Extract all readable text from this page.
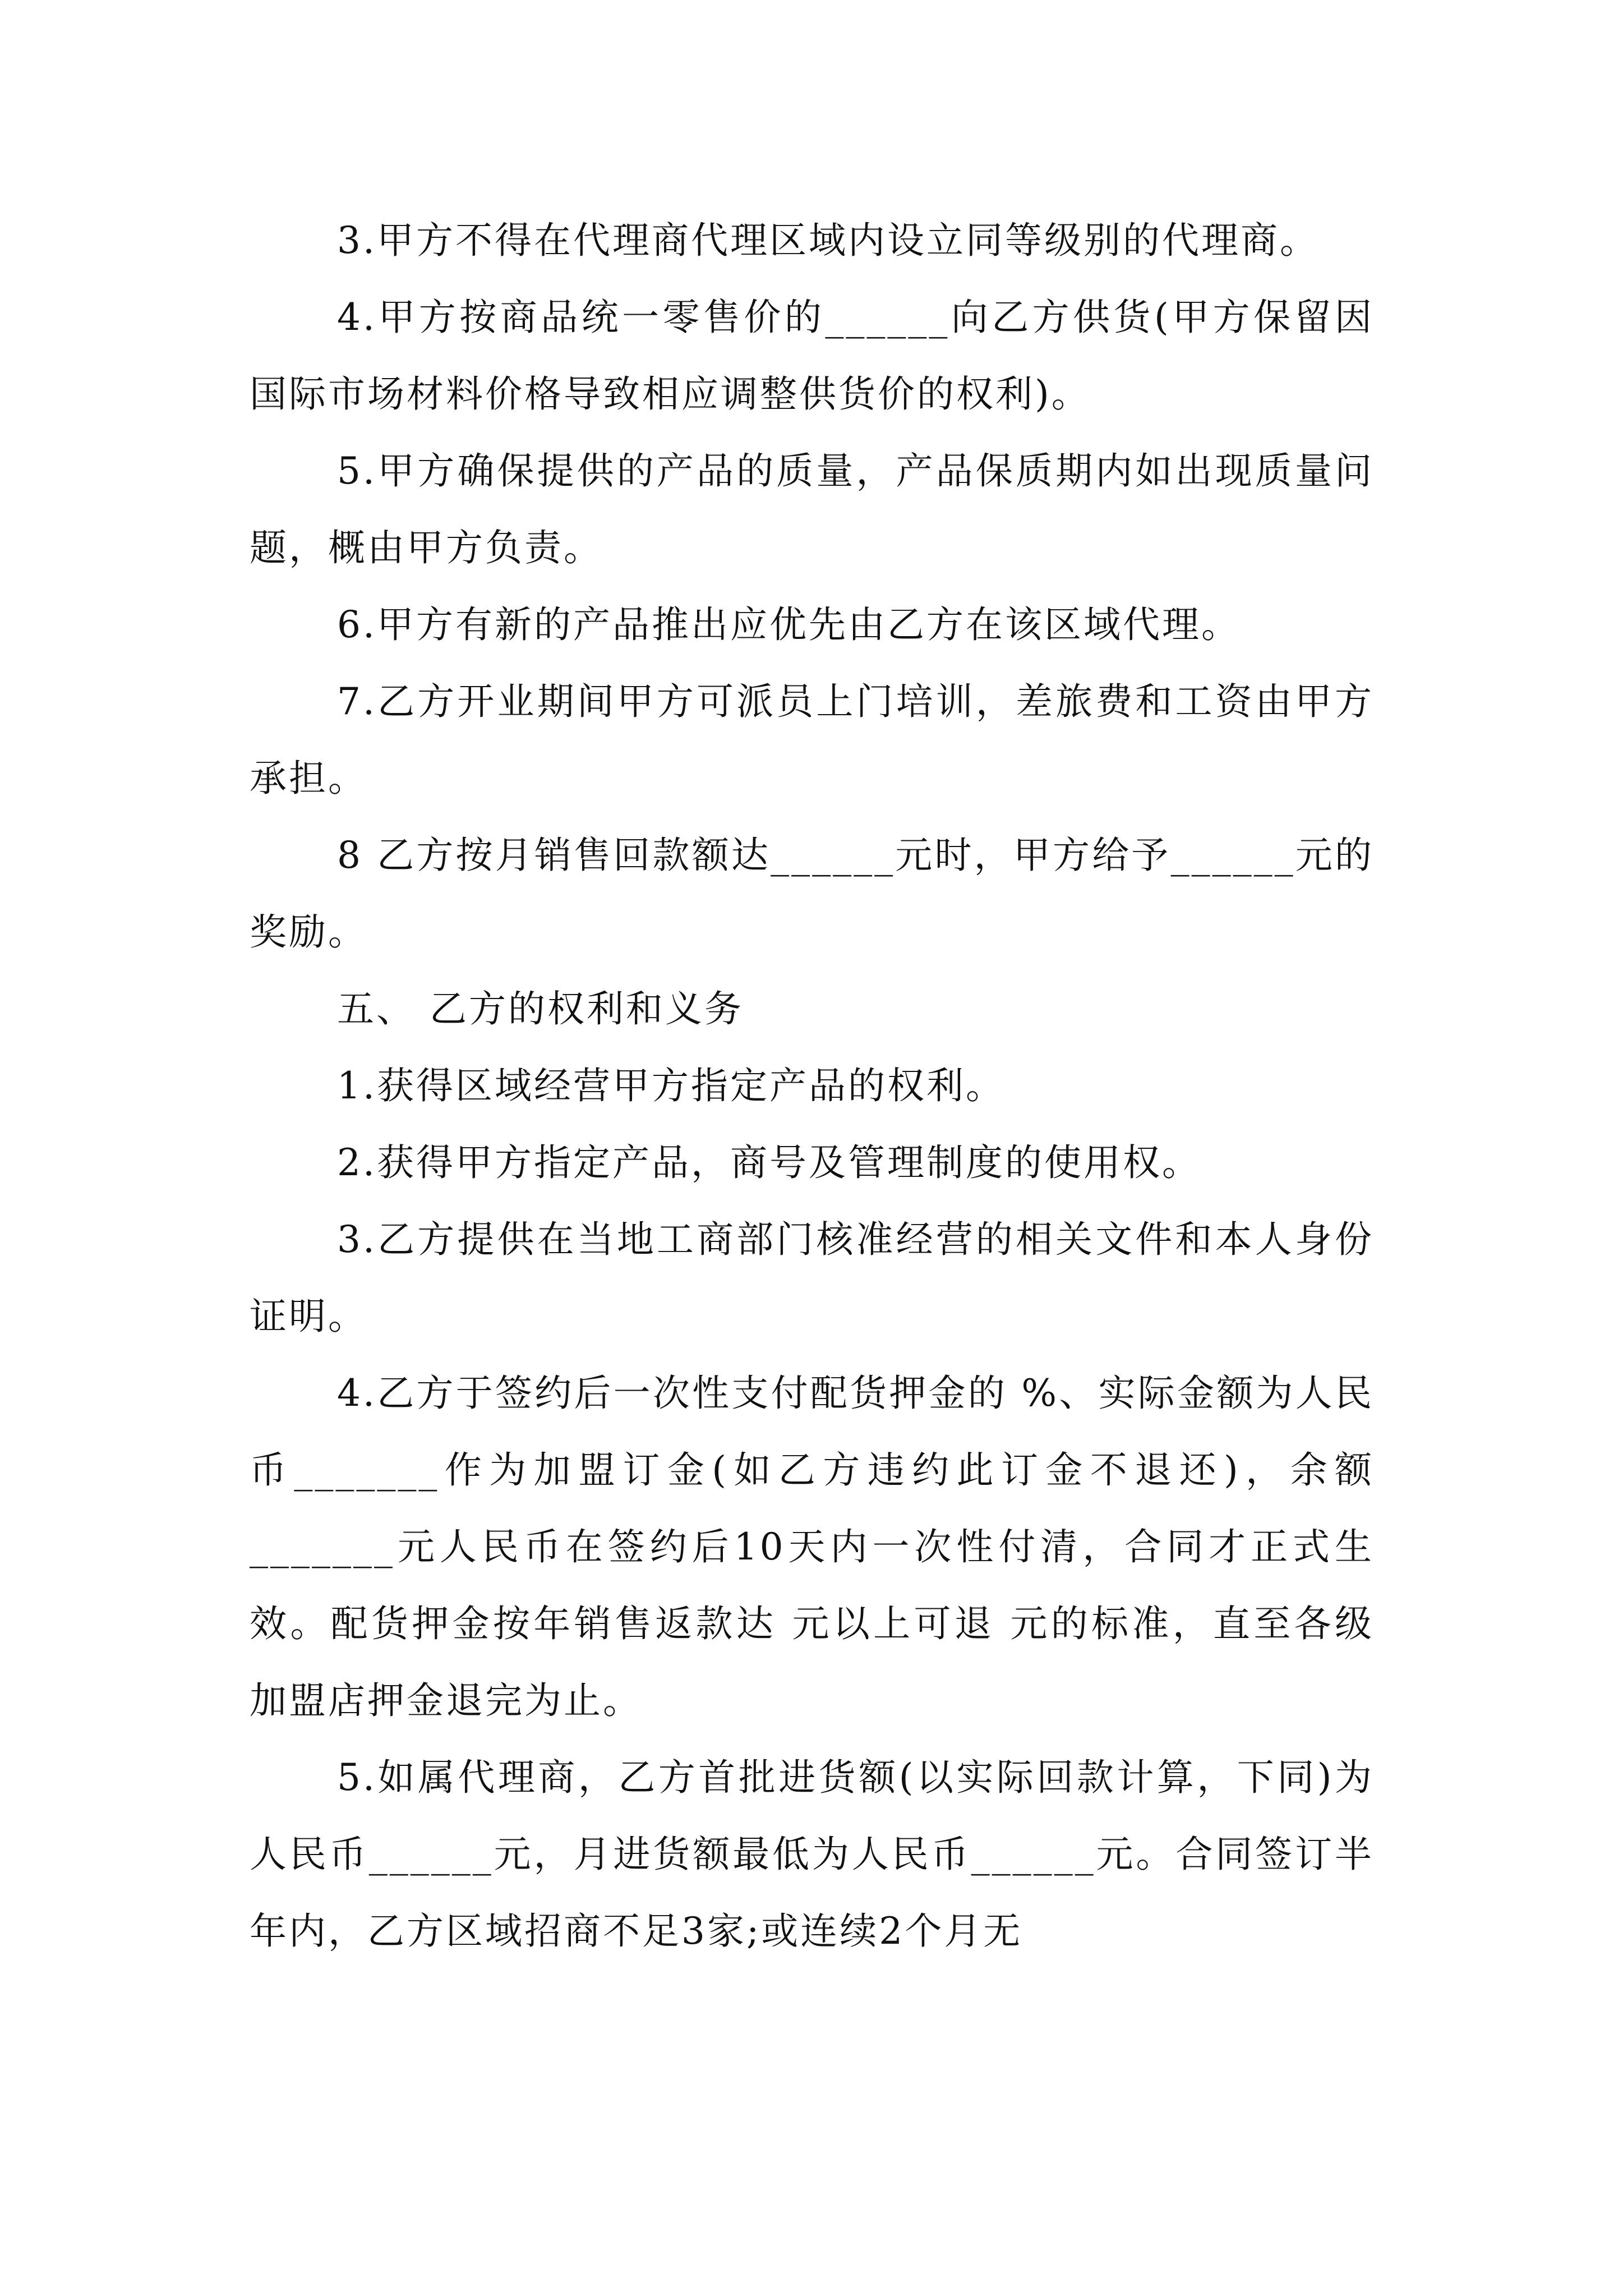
3.甲方不得在代理商代理区域内设立同等级别的代理商。

4.甲方按商品统一零售价的______向乙方供货(甲方保留因国际市场材料价格导致相应调整供货价的权利)。

5.甲方确保提供的产品的质量，产品保质期内如出现质量问题，概由甲方负责。

6.甲方有新的产品推出应优先由乙方在该区域代理。

7.乙方开业期间甲方可派员上门培训，差旅费和工资由甲方承担。

8 乙方按月销售回款额达______元时，甲方给予______元的奖励。

五、 乙方的权利和义务

1.获得区域经营甲方指定产品的权利。

2.获得甲方指定产品，商号及管理制度的使用权。

3.乙方提供在当地工商部门核准经营的相关文件和本人身份证明。

4.乙方于签约后一次性支付配货押金的 %、实际金额为人民币_______作为加盟订金(如乙方违约此订金不退还)，余额_______元人民币在签约后10天内一次性付清，合同才正式生效。配货押金按年销售返款达 元以上可退 元的标准，直至各级加盟店押金退完为止。

5.如属代理商，乙方首批进货额(以实际回款计算，下同)为人民币______元，月进货额最低为人民币______元。合同签订半年内，乙方区域招商不足3家;或连续2个月无
